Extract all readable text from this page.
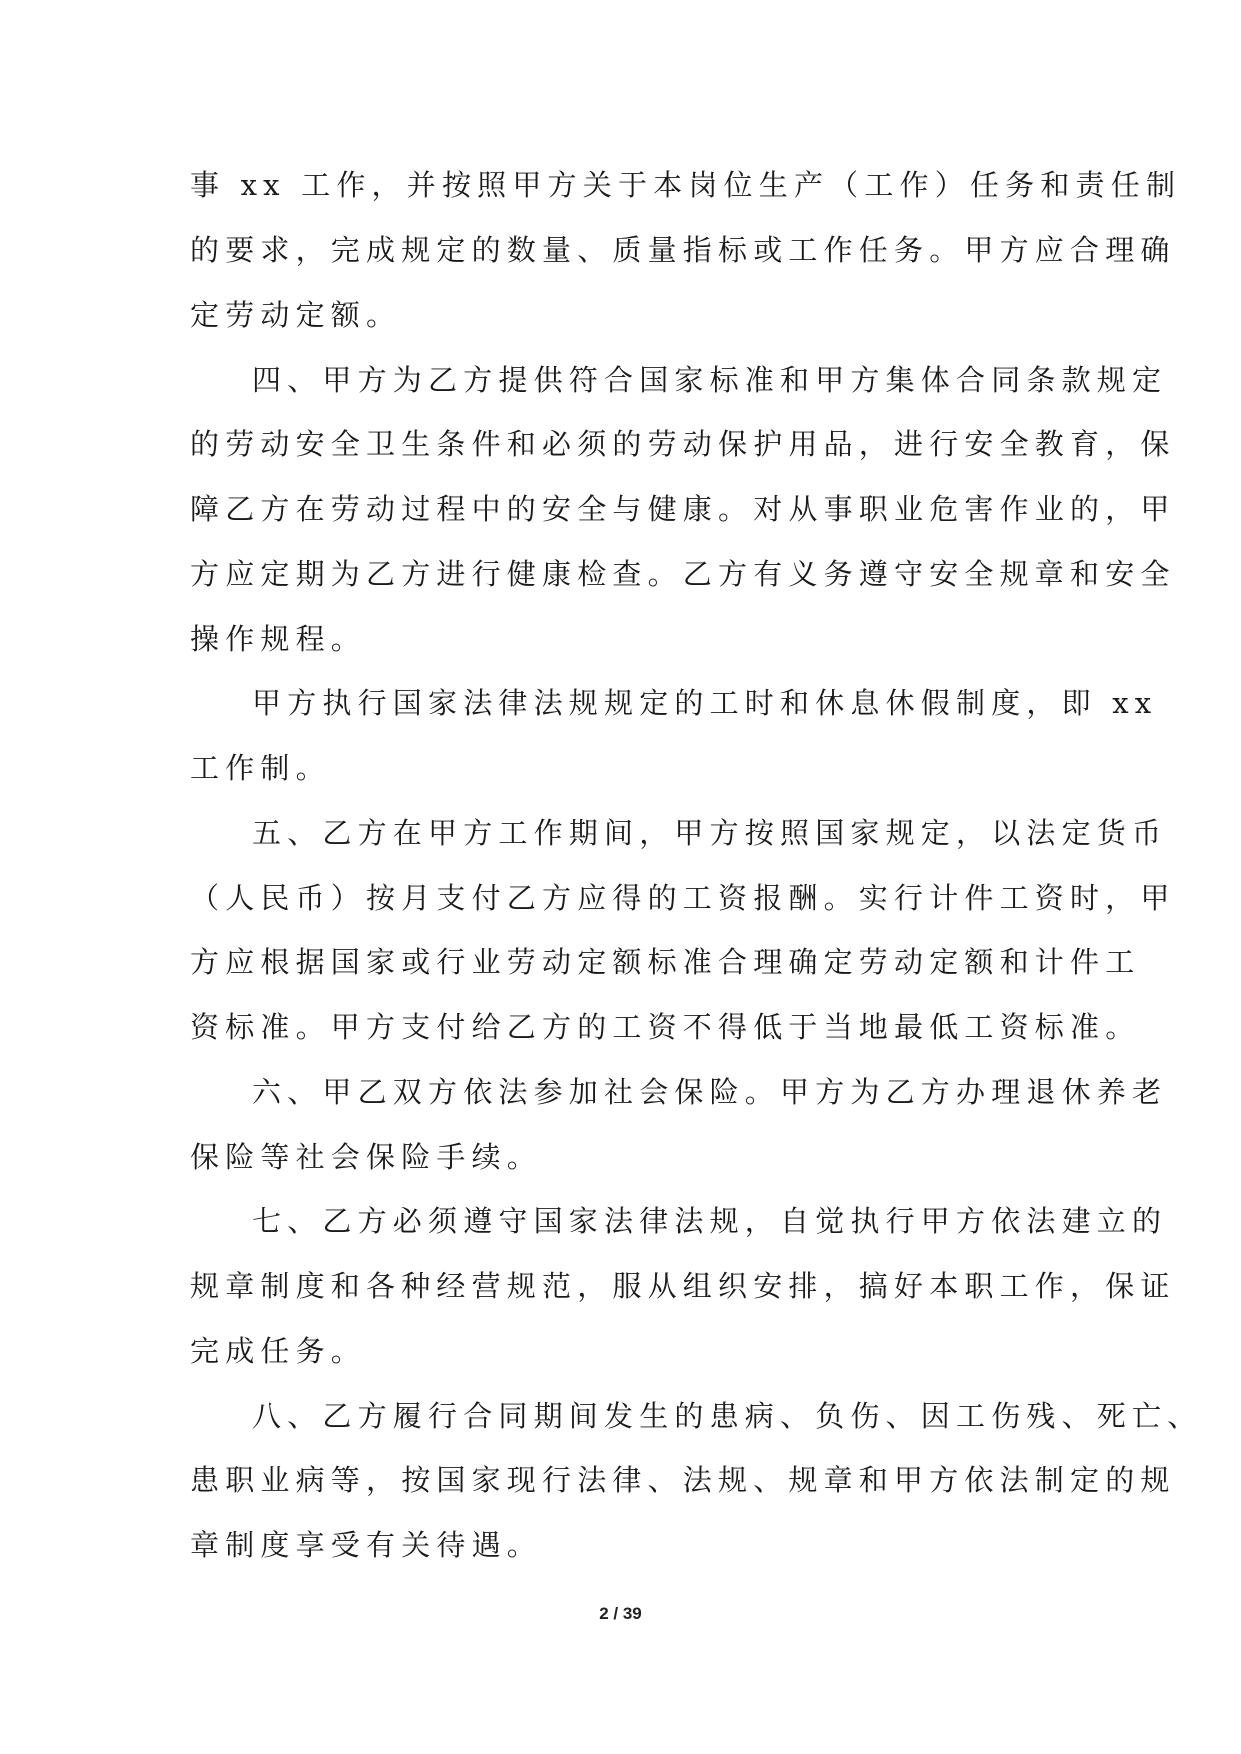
事 xx 工作，并按照甲方关于本岗位生产（工作）任务和责任制
的要求，完成规定的数量、质量指标或工作任务。甲方应合理确
定劳动定额。
四、甲方为乙方提供符合国家标准和甲方集体合同条款规定
的劳动安全卫生条件和必须的劳动保护用品，进行安全教育，保
障乙方在劳动过程中的安全与健康。对从事职业危害作业的，甲
方应定期为乙方进行健康检查。乙方有义务遵守安全规章和安全
操作规程。
甲方执行国家法律法规规定的工时和休息休假制度，即 xx
工作制。
五、乙方在甲方工作期间，甲方按照国家规定，以法定货币
（人民币）按月支付乙方应得的工资报酬。实行计件工资时，甲
方应根据国家或行业劳动定额标准合理确定劳动定额和计件工
资标准。甲方支付给乙方的工资不得低于当地最低工资标准。
六、甲乙双方依法参加社会保险。甲方为乙方办理退休养老
保险等社会保险手续。
七、乙方必须遵守国家法律法规，自觉执行甲方依法建立的
规章制度和各种经营规范，服从组织安排，搞好本职工作，保证
完成任务。
八、乙方履行合同期间发生的患病、负伤、因工伤残、死亡、
患职业病等，按国家现行法律、法规、规章和甲方依法制定的规
章制度享受有关待遇。
2 / 39
